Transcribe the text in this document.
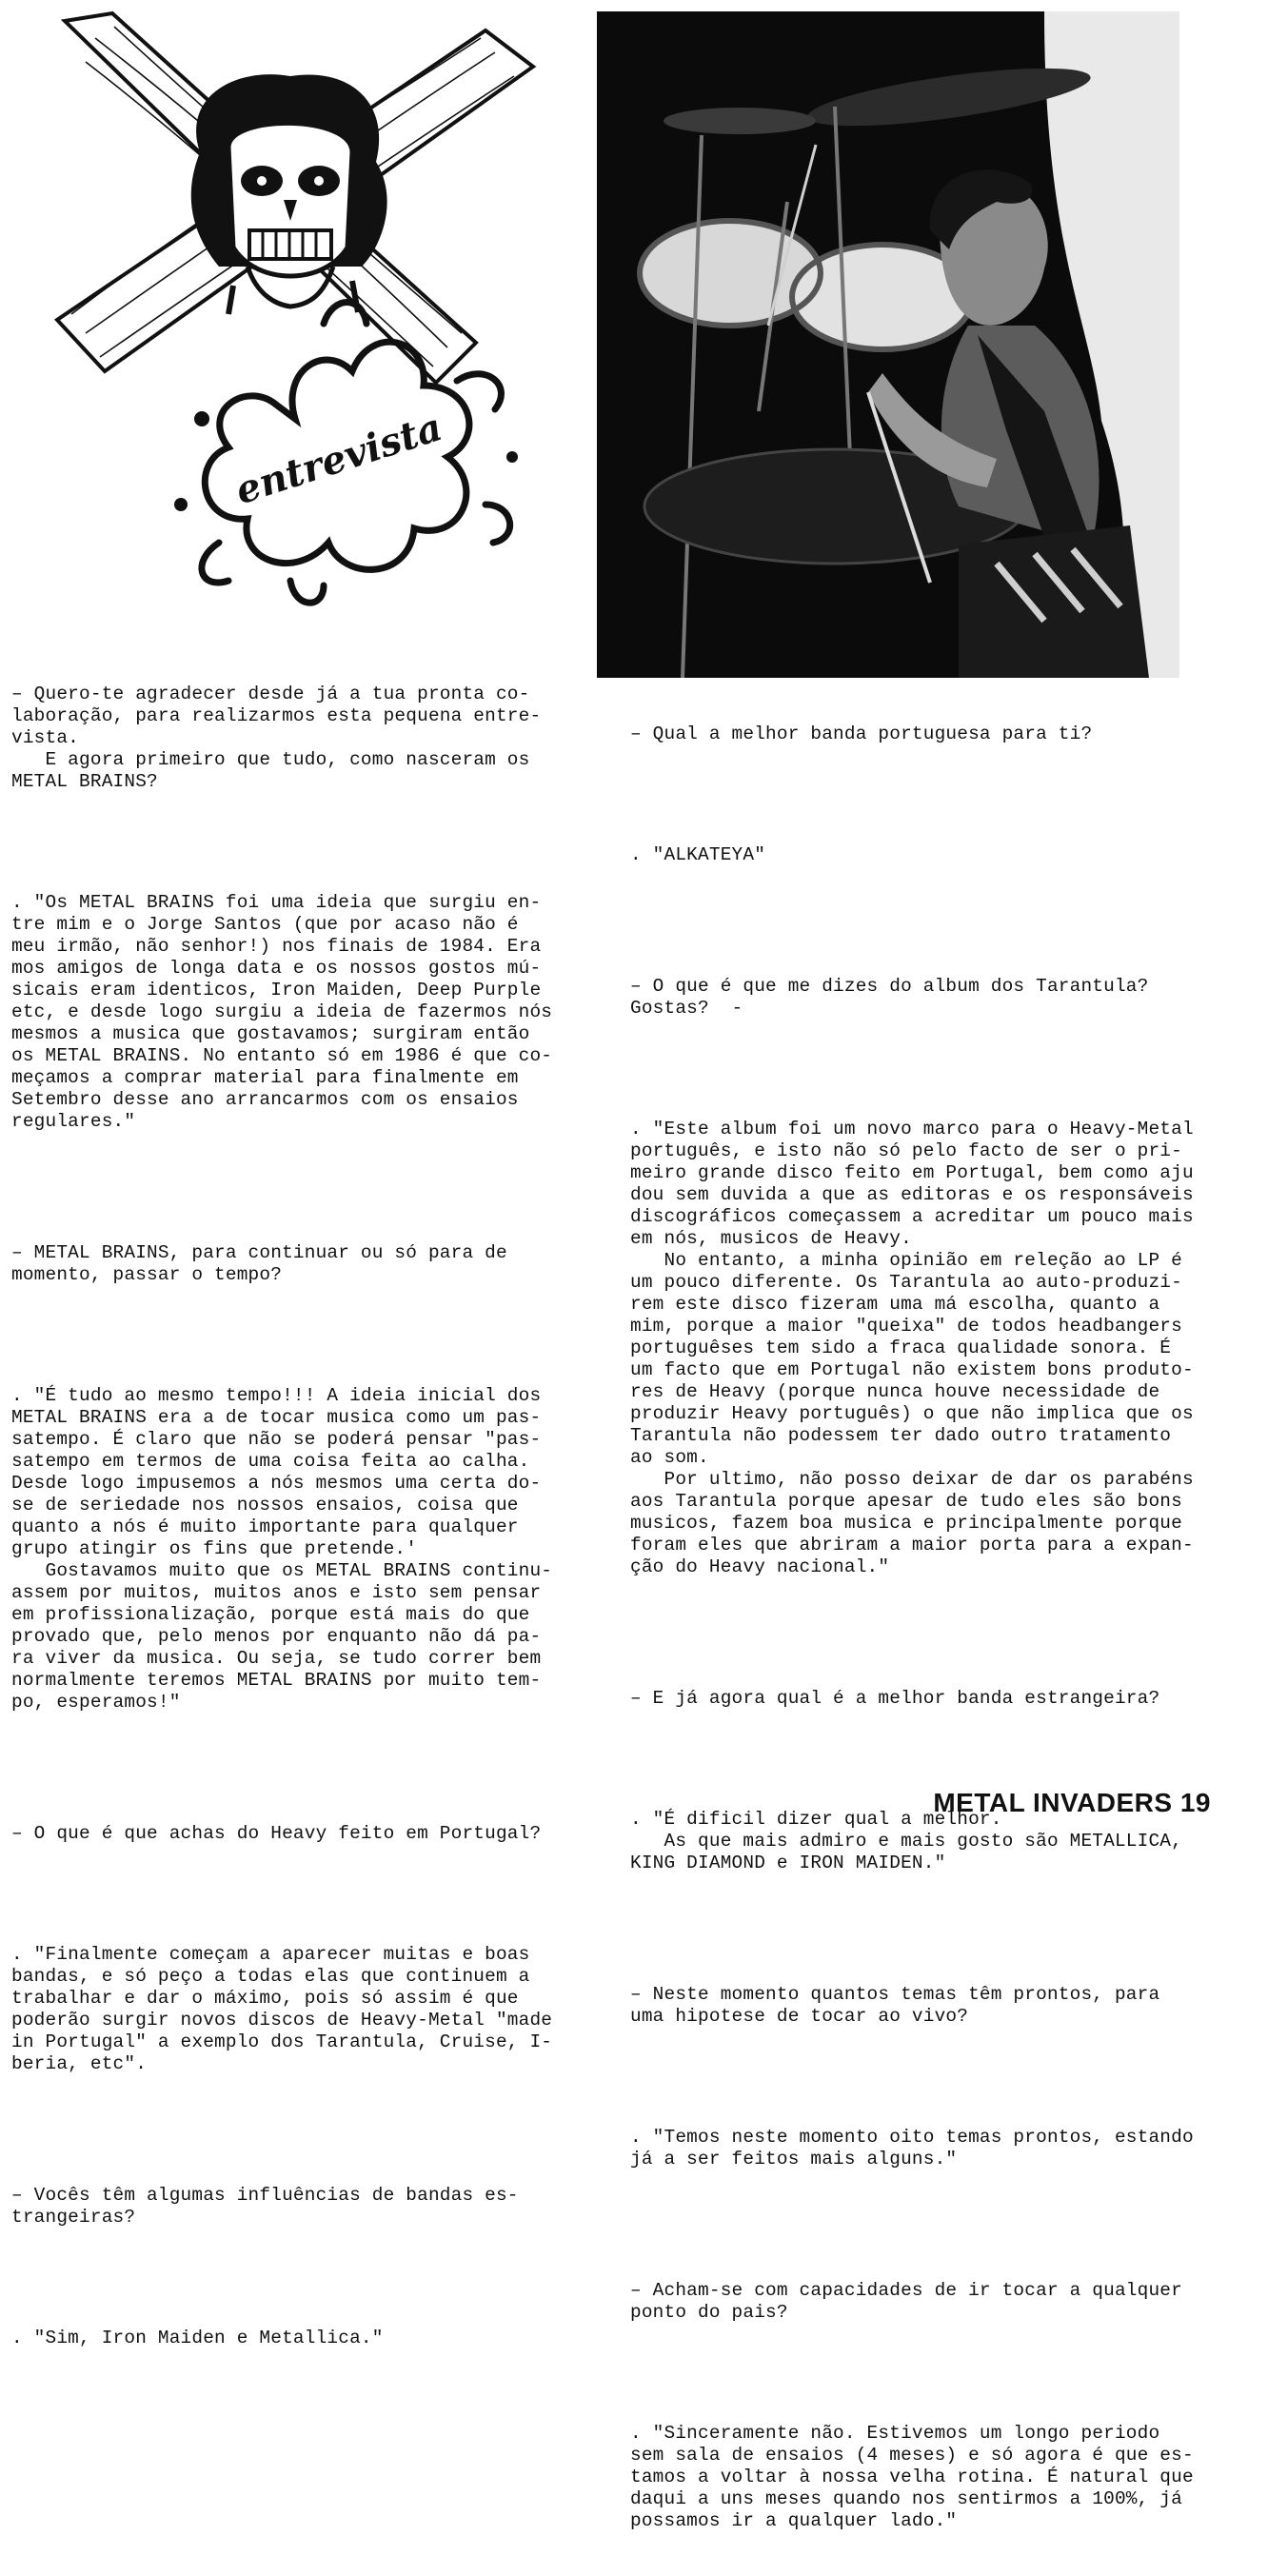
entrevista

– Quero-te agradecer desde já a tua pronta co-
laboração, para realizarmos esta pequena entre-
vista.
E agora primeiro que tudo, como nasceram os
METAL BRAINS?

. "Os METAL BRAINS foi uma ideia que surgiu en-
tre mim e o Jorge Santos (que por acaso não é
meu irmão, não senhor!) nos finais de 1984. Era
mos amigos de longa data e os nossos gostos mú-
sicais eram identicos, Iron Maiden, Deep Purple
etc, e desde logo surgiu a ideia de fazermos nós
mesmos a musica que gostavamos; surgiram então
os METAL BRAINS. No entanto só em 1986 é que co-
meçamos a comprar material para finalmente em
Setembro desse ano arrancarmos com os ensaios
regulares."

– METAL BRAINS, para continuar ou só para de
momento, passar o tempo?

. "É tudo ao mesmo tempo!!! A ideia inicial dos
METAL BRAINS era a de tocar musica como um pas-
satempo. É claro que não se poderá pensar "pas-
satempo em termos de uma coisa feita ao calha.
Desde logo impusemos a nós mesmos uma certa do-
se de seriedade nos nossos ensaios, coisa que
quanto a nós é muito importante para qualquer
grupo atingir os fins que pretende.'
Gostavamos muito que os METAL BRAINS continu-
assem por muitos, muitos anos e isto sem pensar
em profissionalização, porque está mais do que
provado que, pelo menos por enquanto não dá pa-
ra viver da musica. Ou seja, se tudo correr bem
normalmente teremos METAL BRAINS por muito tem-
po, esperamos!"

– O que é que achas do Heavy feito em Portugal?

. "Finalmente começam a aparecer muitas e boas
bandas, e só peço a todas elas que continuem a
trabalhar e dar o máximo, pois só assim é que
poderão surgir novos discos de Heavy-Metal "made
in Portugal" a exemplo dos Tarantula, Cruise, I-
beria, etc".

– Vocês têm algumas influências de bandas es-
trangeiras?

. "Sim, Iron Maiden e Metallica."

– Qual a melhor banda portuguesa para ti?

. "ALKATEYA"

– O que é que me dizes do album dos Tarantula?
Gostas?  -

. "Este album foi um novo marco para o Heavy-Metal
português, e isto não só pelo facto de ser o pri-
meiro grande disco feito em Portugal, bem como aju
dou sem duvida a que as editoras e os responsáveis
discográficos começassem a acreditar um pouco mais
em nós, musicos de Heavy.
No entanto, a minha opinião em releção ao LP é
um pouco diferente. Os Tarantula ao auto-produzi-
rem este disco fizeram uma má escolha, quanto a
mim, porque a maior "queixa" de todos headbangers
portuguêses tem sido a fraca qualidade sonora. É
um facto que em Portugal não existem bons produto-
res de Heavy (porque nunca houve necessidade de
produzir Heavy português) o que não implica que os
Tarantula não podessem ter dado outro tratamento
ao som.
Por ultimo, não posso deixar de dar os parabéns
aos Tarantula porque apesar de tudo eles são bons
musicos, fazem boa musica e principalmente porque
foram eles que abriram a maior porta para a expan-
ção do Heavy nacional."

– E já agora qual é a melhor banda estrangeira?

. "É dificil dizer qual a melhor.
As que mais admiro e mais gosto são METALLICA,
KING DIAMOND e IRON MAIDEN."

– Neste momento quantos temas têm prontos, para
uma hipotese de tocar ao vivo?

. "Temos neste momento oito temas prontos, estando
já a ser feitos mais alguns."

– Acham-se com capacidades de ir tocar a qualquer
ponto do pais?

. "Sinceramente não. Estivemos um longo periodo
sem sala de ensaios (4 meses) e só agora é que es-
tamos a voltar à nossa velha rotina. É natural que
daqui a uns meses quando nos sentirmos a 100%, já
possamos ir a qualquer lado."

METAL INVADERS 19
